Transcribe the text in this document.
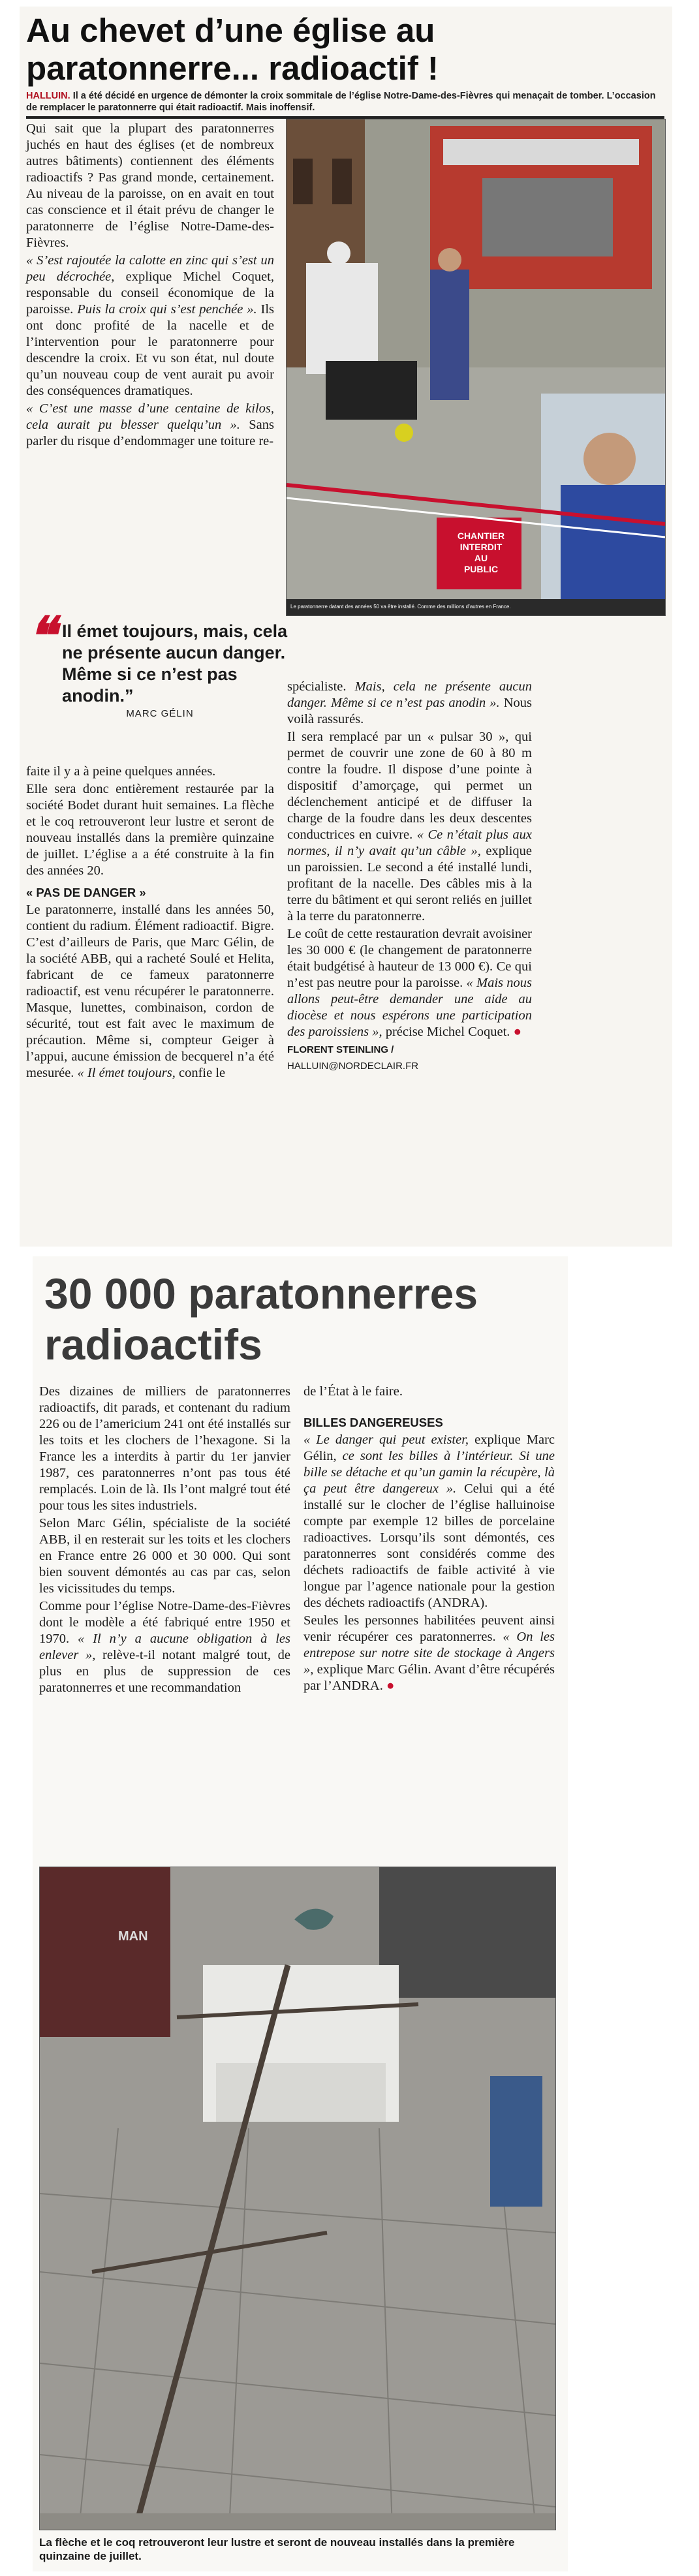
Au chevet d’une église au paratonnerre... radioactif !
HALLUIN. Il a été décidé en urgence de démonter la croix sommitale de l’église Notre-Dame-des-Fièvres qui menaçait de tomber. L’occasion de remplacer le paratonnerre qui était radioactif. Mais inoffensif.

Qui sait que la plupart des paratonnerres juchés en haut des églises (et de nombreux autres bâtiments) contiennent des éléments radioactifs ? Pas grand monde, certainement. Au niveau de la paroisse, on en avait en tout cas conscience et il était prévu de changer le paratonnerre de l’église Notre-Dame-des-Fièvres.

« S’est rajoutée la calotte en zinc qui s’est un peu décrochée, explique Michel Coquet, responsable du conseil économique de la paroisse. Puis la croix qui s’est penchée ». Ils ont donc profité de la nacelle et de l’intervention pour le paratonnerre pour descendre la croix. Et vu son état, nul doute qu’un nouveau coup de vent aurait pu avoir des conséquences dramatiques.

« C’est une masse d’une centaine de kilos, cela aurait pu blesser quelqu’un ». Sans parler du risque d’endommager une toiture re-

CHANTIER
INTERDIT
AU
PUBLIC
Le paratonnerre datant des années 50 va être installé. Comme des millions d’autres en France.
❝ Il émet toujours, mais, cela ne présente aucun danger. Même si ce n’est pas anodin.”
MARC GÉLIN

faite il y a à peine quelques années.

Elle sera donc entièrement restaurée par la société Bodet durant huit semaines. La flèche et le coq retrouveront leur lustre et seront de nouveau installés dans la première quinzaine de juillet. L’église a a été construite à la fin des années 20.

« PAS DE DANGER »

Le paratonnerre, installé dans les années 50, contient du radium. Élément radioactif. Bigre. C’est d’ailleurs de Paris, que Marc Gélin, de la société ABB, qui a racheté Soulé et Helita, fabricant de ce fameux paratonnerre radioactif, est venu récupérer le paratonnerre. Masque, lunettes, combinaison, cordon de sécurité, tout est fait avec le maximum de précaution. Même si, compteur Geiger à l’appui, aucune émission de becquerel n’a été mesurée. « Il émet toujours, confie le

spécialiste. Mais, cela ne présente aucun danger. Même si ce n’est pas anodin ». Nous voilà rassurés.

Il sera remplacé par un « pulsar 30 », qui permet de couvrir une zone de 60 à 80 m contre la foudre. Il dispose d’une pointe à dispositif d’amorçage, qui permet un déclenchement anticipé et de diffuser la charge de la foudre dans les deux descentes conductrices en cuivre. « Ce n’était plus aux normes, il n’y avait qu’un câble », explique un paroissien. Le second a été installé lundi, profitant de la nacelle. Des câbles mis à la terre du bâtiment et qui seront reliés en juillet à la terre du paratonnerre.

Le coût de cette restauration devrait avoisiner les 30 000 € (le changement de paratonnerre était budgétisé à hauteur de 13 000 €). Ce qui n’est pas neutre pour la paroisse. « Mais nous allons peut-être demander une aide au diocèse et nous espérons une participation des paroissiens », précise Michel Coquet. ●

FLORENT STEINLING /
HALLUIN@NORDECLAIR.FR
30 000 paratonnerres radioactifs

Des dizaines de milliers de paratonnerres radioactifs, dit parads, et contenant du radium 226 ou de l’americium 241 ont été installés sur les toits et les clochers de l’hexagone. Si la France les a interdits à partir du 1er janvier 1987, ces paratonnerres n’ont pas tous été remplacés. Loin de là. Ils l’ont malgré tout été pour tous les sites industriels.

Selon Marc Gélin, spécialiste de la société ABB, il en resterait sur les toits et les clochers en France entre 26 000 et 30 000. Qui sont bien souvent démontés au cas par cas, selon les vicissitudes du temps.

Comme pour l’église Notre-Dame-des-Fièvres dont le modèle a été fabriqué entre 1950 et 1970. « Il n’y a aucune obligation à les enlever », relève-t-il notant malgré tout, de plus en plus de suppression de ces paratonnerres et une recommandation

de l’État à le faire.

BILLES DANGEREUSES

« Le danger qui peut exister, explique Marc Gélin, ce sont les billes à l’intérieur. Si une bille se détache et qu’un gamin la récupère, là ça peut être dangereux ». Celui qui a été installé sur le clocher de l’église halluinoise compte par exemple 12 billes de porcelaine radioactives. Lorsqu’ils sont démontés, ces paratonnerres sont considérés comme des déchets radioactifs de faible activité à vie longue par l’agence nationale pour la gestion des déchets radioactifs (ANDRA).

Seules les personnes habilitées peuvent ainsi venir récupérer ces paratonnerres. « On les entrepose sur notre site de stockage à Angers », explique Marc Gélin. Avant d’être récupérés par l’ANDRA. ●

MAN
La flèche et le coq retrouveront leur lustre et seront de nouveau installés dans la première quinzaine de juillet.
